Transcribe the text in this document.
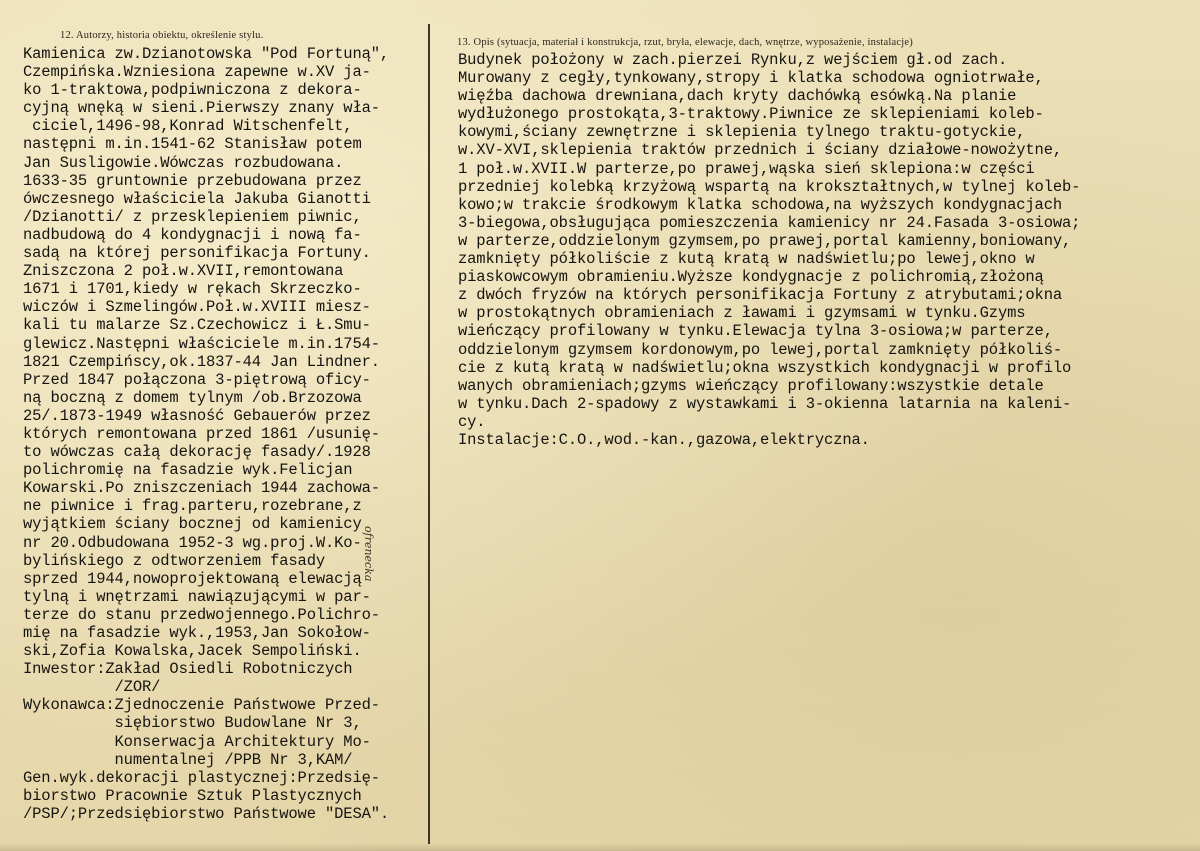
12. Autorzy, historia obiektu, określenie stylu.
Kamienica zw.Dzianotowska "Pod Fortuną",
Czempińska.Wzniesiona zapewne w.XV ja-
ko 1-traktowa,podpiwniczona z dekora-
cyjną wnęką w sieni.Pierwszy znany wła-
ciciel,1496-98,Konrad Witschenfelt,
następni m.in.1541-62 Stanisław potem
Jan Susligowie.Wówczas rozbudowana.
1633-35 gruntownie przebudowana przez
ówczesnego właściciela Jakuba Gianotti
/Dzianotti/ z przesklepieniem piwnic,
nadbudową do 4 kondygnacji i nową fa-
sadą na której personifikacja Fortuny.
Zniszczona 2 poł.w.XVII,remontowana
1671 i 1701,kiedy w rękach Skrzeczko-
wiczów i Szmelingów.Poł.w.XVIII miesz-
kali tu malarze Sz.Czechowicz i Ł.Smu-
glewicz.Następni właściciele m.in.1754-
1821 Czempińscy,ok.1837-44 Jan Lindner.
Przed 1847 połączona 3-piętrową oficy-
ną boczną z domem tylnym /ob.Brzozowa
25/.1873-1949 własność Gebauerów przez
których remontowana przed 1861 /usunię-
to wówczas całą dekorację fasady/.1928
polichromię na fasadzie wyk.Felicjan
Kowarski.Po zniszczeniach 1944 zachowa-
ne piwnice i frag.parteru,rozebrane,z
wyjątkiem ściany bocznej od kamienicy
nr 20.Odbudowana 1952-3 wg.proj.W.Ko-
bylińskiego z odtworzeniem fasady
sprzed 1944,nowoprojektowaną elewacją
tylną i wnętrzami nawiązującymi w par-
terze do stanu przedwojennego.Polichro-
mię na fasadzie wyk.,1953,Jan Sokołow-
ski,Zofia Kowalska,Jacek Sempoliński.
Inwestor:Zakład Osiedli Robotniczych
/ZOR/
Wykonawca:Zjednoczenie Państwowe Przed-
siębiorstwo Budowlane Nr 3,
Konserwacja Architektury Mo-
numentalnej /PPB Nr 3,KAM/
Gen.wyk.dekoracji plastycznej:Przedsię-
biorstwo Pracownie Sztuk Plastycznych
/PSP/;Przedsiębiorstwo Państwowe "DESA".
ofrenecka
13. Opis (sytuacja, materiał i konstrukcja, rzut, bryła, elewacje, dach, wnętrze, wyposażenie, instalacje)
Budynek położony w zach.pierzei Rynku,z wejściem gł.od zach.
Murowany z cegły,tynkowany,stropy i klatka schodowa ogniotrwałe,
więźba dachowa drewniana,dach kryty dachówką esówką.Na planie
wydłużonego prostokąta,3-traktowy.Piwnice ze sklepieniami koleb-
kowymi,ściany zewnętrzne i sklepienia tylnego traktu-gotyckie,
w.XV-XVI,sklepienia traktów przednich i ściany działowe-nowożytne,
1 poł.w.XVII.W parterze,po prawej,wąska sień sklepiona:w części
przedniej kolebką krzyżową wspartą na krokształtnych,w tylnej koleb-
kowo;w trakcie środkowym klatka schodowa,na wyższych kondygnacjach
3-biegowa,obsługująca pomieszczenia kamienicy nr 24.Fasada 3-osiowa;
w parterze,oddzielonym gzymsem,po prawej,portal kamienny,boniowany,
zamknięty półkoliście z kutą kratą w nadświetlu;po lewej,okno w
piaskowcowym obramieniu.Wyższe kondygnacje z polichromią,złożoną
z dwóch fryzów na których personifikacja Fortuny z atrybutami;okna
w prostokątnych obramieniach z ławami i gzymsami w tynku.Gzyms
wieńczący profilowany w tynku.Elewacja tylna 3-osiowa;w parterze,
oddzielonym gzymsem kordonowym,po lewej,portal zamknięty półkoliś-
cie z kutą kratą w nadświetlu;okna wszystkich kondygnacji w profilo
wanych obramieniach;gzyms wieńczący profilowany:wszystkie detale
w tynku.Dach 2-spadowy z wystawkami i 3-okienna latarnia na kaleni-
cy.
Instalacje:C.O.,wod.-kan.,gazowa,elektryczna.
